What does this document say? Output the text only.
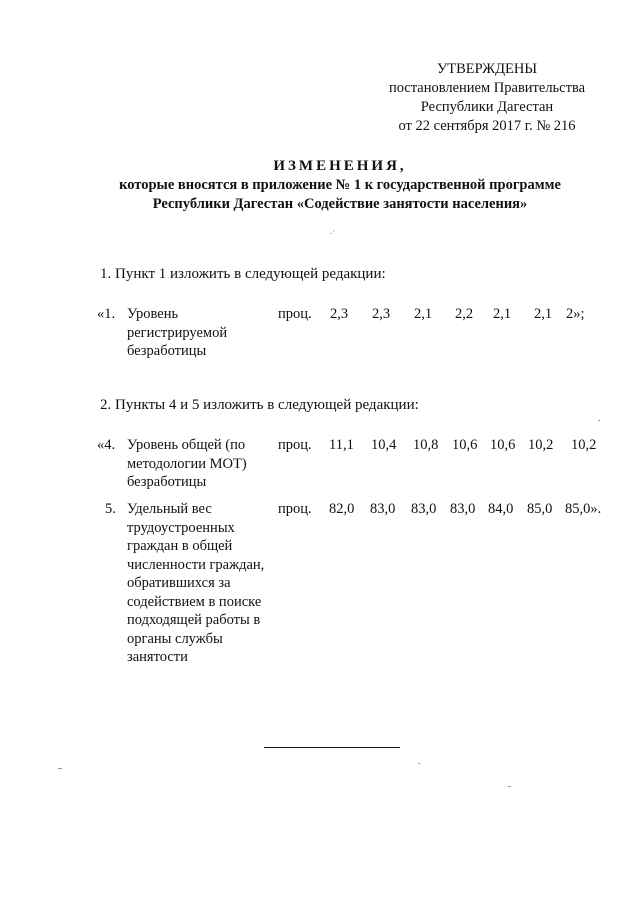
УТВЕРЖДЕНЫ
постановлением Правительства
Республики Дагестан
от 22 сентября 2017 г. № 216
ИЗМЕНЕНИЯ,
которые вносятся в приложение № 1 к государственной программе
Республики Дагестан «Содействие занятости населения»
.·
1. Пункт 1 изложить в следующей редакции:
«1. Уровень
регистрируемой
безработицы
проц. 2,3 2,3 2,1 2,2 2,1 2,1 2»;
2. Пункты 4 и 5 изложить в следующей редакции:
«4. Уровень общей (по
методологии МОТ)
безработицы
проц. 11,1 10,4 10,8 10,6 10,6 10,2 10,2
5. Удельный вес
трудоустроенных
граждан в общей
численности граждан,
обратившихся за
содействием в поиске
подходящей работы в
органы службы
занятости
проц. 82,0 83,0 83,0 83,0 84,0 85,0 85,0».
